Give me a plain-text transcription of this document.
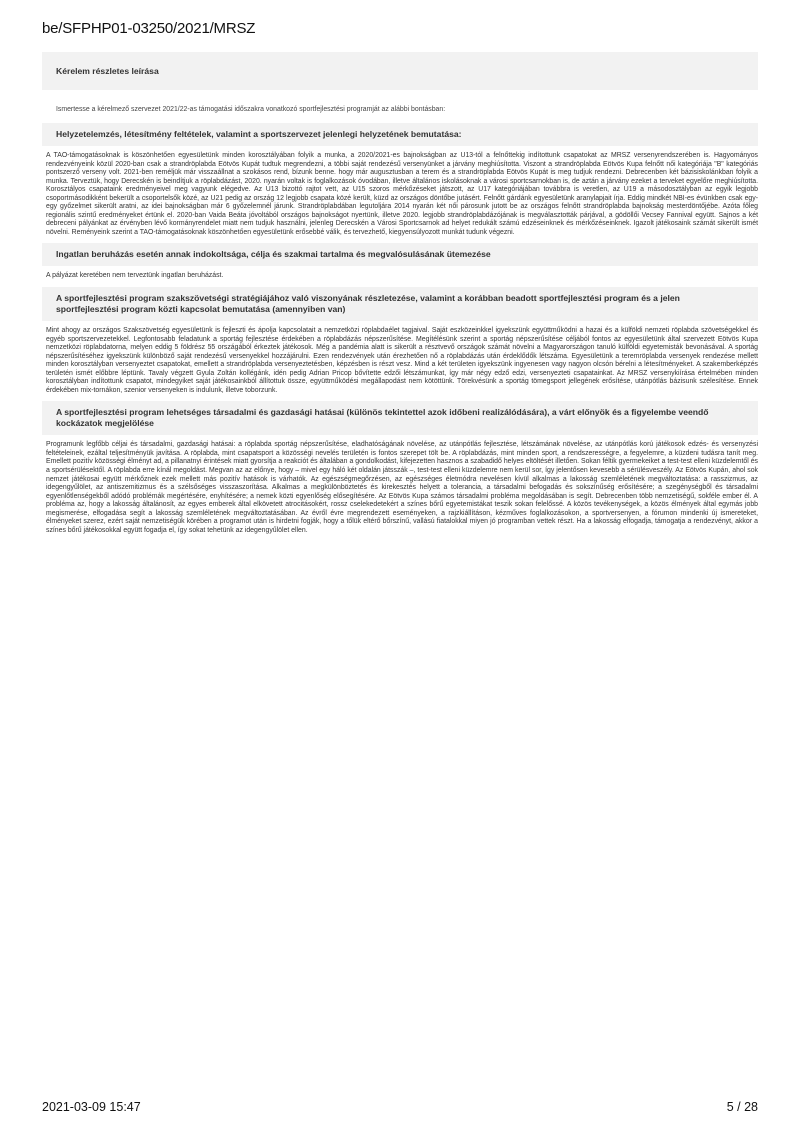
be/SFPHP01-03250/2021/MRSZ
Kérelem részletes leírása
Ismertesse a kérelmező szervezet 2021/22-as támogatási időszakra vonatkozó sportfejlesztési programját az alábbi bontásban:
Helyzetelemzés, létesítmény feltételek, valamint a sportszervezet jelenlegi helyzetének bemutatása:
A TAO-támogatásoknak is köszönhetően egyesületünk minden korosztályában folyik a munka, a 2020/2021-es bajnokságban az U13-tól a felnőttekig indítottunk csapatokat az MRSZ versenyrendszerében is. Hagyományos rendezvényeink közül 2020-ban csak a strandröplabda Eötvös Kupát tudtuk megrendezni, a többi saját rendezésű versenyünket a járvány meghiúsította. Viszont a strandröplabda Eötvös Kupa felnőtt női kategóriája "B" kategóriás pontszerző verseny volt. 2021-ben reméljük már visszaállnat a szokásos rend, bízunk benne. hogy már augusztusban a terem és a strandröplabda Eötvös Kupát is meg tudjuk rendezni. Debrecenben két bázisiskolánkban folyik a munka. Terveztük, hogy Derecskén is beindítjuk a röplabdázást, 2020. nyarán voltak is foglalkozások óvodában, illetve általános iskolásoknak a városi sportcsarnokban is, de aztán a járvány ezeket a terveket egyelőre meghiúsította. Korosztályos csapataink eredményeivel meg vagyunk elégedve. Az U13 bizottó rajtot vett, az U15 szoros mérkőzéseket játszott, az U17 kategóriájában továbbra is veretlen, az U19 a másodosztályban az egyik legjobb csoportmásodikként bekerült a csoportelsők közé, az U21 pedig az ország 12 legjobb csapata közé került, küzd az országos döntőbe jutásért. Felnőtt gárdánk egyesületünk aranylapjait írja. Eddig mindkét NBI-es évünkben csak egy-egy győzelmet sikerült aratni, az idei bajnokságban már 6 győzelemnél járunk. Strandröplabdában legutoljára 2014 nyarán két női párosunk jutott be az országos felnőtt strandröplabda bajnokság mesterdöntőjébe. Azóta főleg regionális szintű eredményeket értünk el. 2020-ban Vaida Beáta jóvoltából országos bajnokságot nyertünk, illetve 2020. legjobb strandröplabdázójának is megválasztották párjával, a gödöllői Vecsey Fannival együtt. Sajnos a két debreceni pályánkat az érvényben lévő kormányrendelet miatt nem tudjuk használni, jelenleg Derecskén a Városi Sportcsarnok ad helyet redukált számú edzéseinknek és mérkőzéseinknek. Igazolt játékosaink számát sikerült ismét növelni. Reményeink szerint a TAO-támogatásoknak köszönhetően egyesületünk erősebbé válik, és tervezhető, kiegyensúlyozott munkát tudunk végezni.
Ingatlan beruházás esetén annak indokoltsága, célja és szakmai tartalma és megvalósulásának ütemezése
A pályázat keretében nem terveztünk ingatlan beruházást.
A sportfejlesztési program szakszövetségi stratégiájához való viszonyának részletezése, valamint a korábban beadott sportfejlesztési program és a jelen sportfejlesztési program közti kapcsolat bemutatása (amennyiben van)
Mint ahogy az országos Szakszövetség egyesületünk is fejleszti és ápolja kapcsolatait a nemzetközi röplabdaélet tagjaival. Saját eszközeinkkel igyekszünk együttműködni a hazai és a külföldi nemzeti röplabda szövetségekkel és egyéb sportszervezetekkel. Legfontosabb feladatunk a sportág fejlesztése érdekében a röplabdázás népszerűsítése. Megítélésünk szerint a sportág népszerűsítése céljából fontos az egyesületünk által szervezett Eötvös Kupa nemzetközi röplabdatorna, melyen eddig 5 földrész 55 országából érkeztek játékosok. Még a pandémia alatt is sikerült a résztvevő országok számát növelni a Magyarországon tanuló külföldi egyetemisták bevonásával. A sportág népszerűsítéséhez igyekszünk különböző saját rendezésű versenyekkel hozzájárulni. Ezen rendezvények után érezhetően nő a röplabdázás után érdeklődők létszáma. Egyesületünk a teremröplabda versenyek rendezése mellett minden korosztályban versenyeztet csapatokat, emellett a strandröplabda versenyeztetésben, képzésben is részt vesz. Mind a két területen igyekszünk ingyenesen vagy nagyon olcsón bérelni a létesítményeket. A szakemberképzés területén ismét előbbre léptünk. Tavaly végzett Gyula Zoltán kollégánk, idén pedig Adrian Pricop bővítette edzői létszámunkat, így már négy edző edzi, versenyezteti csapatainkat. Az MRSZ versenykiírása értelmében minden korosztályban indítottunk csapatot, mindegyiket saját játékosainkból állítottuk össze, együttműködési megállapodást nem kötöttünk. Törekvésünk a sportág tömegsport jellegének erősítése, utánpótlás bázisunk szélesítése. Ennek érdekében mix-tornákon, szenior versenyeken is indulunk, illetve toborzunk.
A sportfejlesztési program lehetséges társadalmi és gazdasági hatásai (különös tekintettel azok időbeni realizálódására), a várt előnyök és a figyelembe veendő kockázatok megjelölése
Programunk legfőbb céljai és társadalmi, gazdasági hatásai: a röplabda sportág népszerűsítése, eladhatóságának növelése, az utánpótlás fejlesztése, létszámának növelése, az utánpótlás korú játékosok edzés- és versenyzési feltételeinek, ezáltal teljesítményük javítása. A röplabda, mint csapatsport a közösségi nevelés területén is fontos szerepet tölt be. A röplabdázás, mint minden sport, a rendszerességre, a fegyelemre, a küzdeni tudásra tanít meg. Emellett pozitív közösségi élményt ad, a pillanatnyi érintések miatt gyorsítja a reakciót és általában a gondolkodást, kifejezetten hasznos a szabadidő helyes eltöltését illetően. Sokan féltik gyermekeiket a test-test elleni küzdelemtől és a sportsérülésektől. A röplabda erre kínál megoldást. Megvan az az előnye, hogy – mivel egy háló két oldalán játsszák –, test-test elleni küzdelemre nem kerül sor, így jelentősen kevesebb a sérülésveszély. Az Eötvös Kupán, ahol sok nemzet játékosai együtt mérkőznek ezek mellett más pozitív hatások is várhatók. Az egészségmegőrzésen, az egészséges életmódra nevelésen kívül alkalmas a lakosság szemléletének megváltoztatása: a rasszizmus, az idegengyűlölet, az antiszemitizmus és a szélsőséges visszaszorítása. Alkalmas a megkülönböztetés és kirekesztés helyett a tolerancia, a társadalmi befogadás és sokszínűség erősítésére; a szegénységből és társadalmi egyenlőtlenségekből adódó problémák megértésére, enyhítésére; a nemek közti egyenlőség elősegítésére. Az Eötvös Kupa számos társadalmi probléma megoldásában is segít. Debrecenben több nemzetiségű, sokféle ember él. A probléma az, hogy a lakosság általánosít, az egyes emberek által elkövetett atrocitásokért, rossz cselekedetekért a színes bőrű egyetemistákat teszik sokan felelőssé. A közös tevékenységek, a közös élmények által egymás jobb megismerése, elfogadása segít a lakosság szemléletének megváltoztatásában. Az évről évre megrendezett eseményeken, a rajzkiállításon, kézműves foglalkozásokon, a sportversenyen, a fórumon mindenki új ismereteket, élményeket szerez, ezért saját nemzetiségük körében a programot után is hirdetni fogják, hogy a tőlük eltérő bőrszínű, vallású fiatalokkal miyen jó programban vettek részt. Ha a lakosság elfogadja, támogatja a rendezvényt, akkor a színes bőrű játékosokkal együtt fogadja el, így sokat tehetünk az idegengyűlölet ellen.
2021-03-09 15:47	5 / 28
